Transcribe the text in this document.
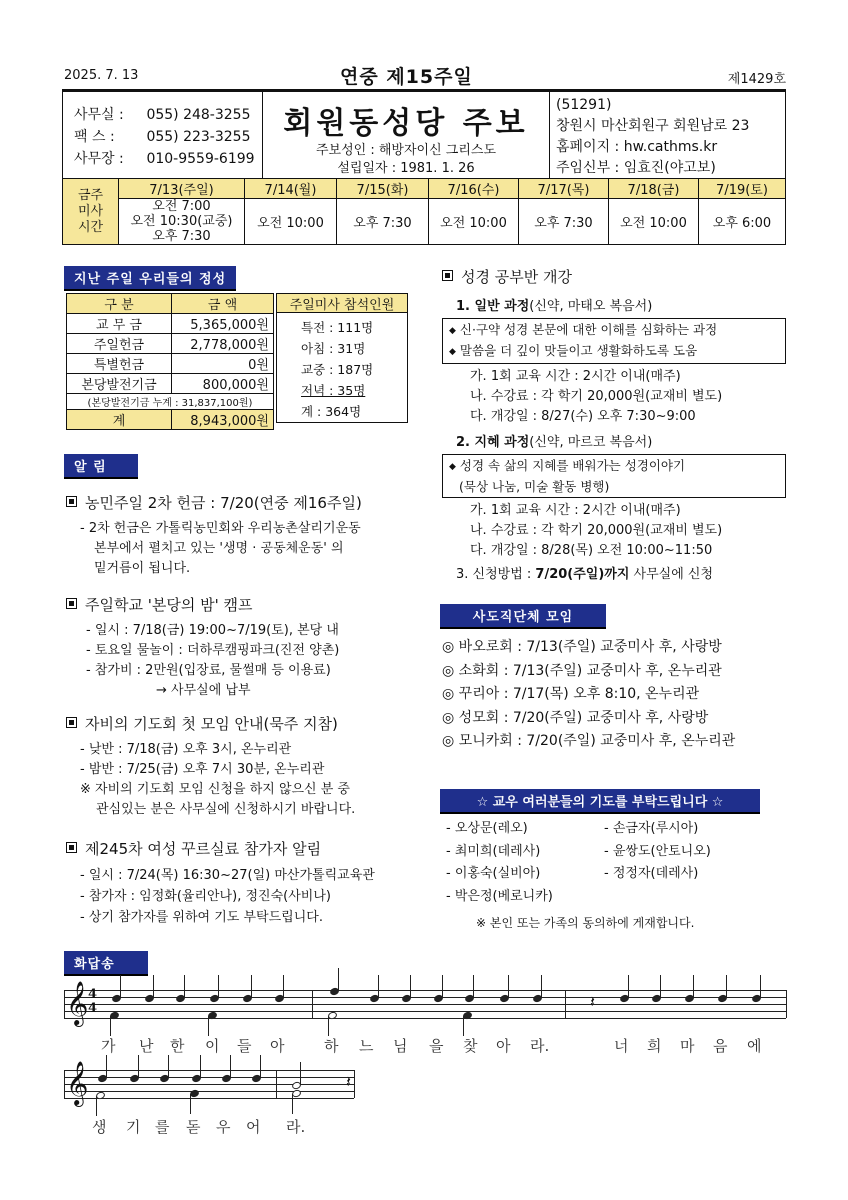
2025. 7. 13	연중 제15주일	제1429호
사무실 : 055) 248-3255
팩 스 : 055) 223-3255
사무장 : 010-9559-6199
회원동성당 주보
주보성인 : 해방자이신 그리스도
설립일자 : 1981. 1. 26
(51291)
창원시 마산회원구 회원남로 23
홈페이지 : hw.cathms.kr
주임신부 : 임효진(야고보)
금주
미사
시간	7/13(주일)	7/14(월)	7/15(화)	7/16(수)	7/17(목)	7/18(금)	7/19(토)

	오전 7:00
오전 10:30(교중)
오후 7:30	오전 10:00	오후 7:30	오전 10:00	오후 7:30	오전 10:00	오후 6:00
지난 주일 우리들의 정성
구 분	금 액
교 무 금	5,365,000원
주일헌금	2,778,000원
특별헌금	0원
본당발전기금	800,000원
(본당발전기금 누계 : 31,837,100원)	
계	8,943,000원
주일미사 참석인원
특전 : 111명
아침 : 31명
교중 : 187명
저녁 : 35명
계 : 364명
알 림
농민주일 2차 헌금 : 7/20(연중 제16주일)
- 2차 헌금은 가톨릭농민회와 우리농촌살리기운동
본부에서 펼치고 있는 '생명 · 공동체운동' 의
밑거름이 됩니다.
주일학교 '본당의 밤' 캠프
- 일시 : 7/18(금) 19:00~7/19(토), 본당 내
- 토요일 물놀이 : 더하루캠핑파크(진전 양촌)
- 참가비 : 2만원(입장료, 물썰매 등 이용료)
→ 사무실에 납부
자비의 기도회 첫 모임 안내(묵주 지참)
- 낮반 : 7/18(금) 오후 3시, 온누리관
- 밤반 : 7/25(금) 오후 7시 30분, 온누리관
※ 자비의 기도회 모임 신청을 하지 않으신 분 중
관심있는 분은 사무실에 신청하시기 바랍니다.
제245차 여성 꾸르실료 참가자 알림
- 일시 : 7/24(목) 16:30~27(일) 마산가톨릭교육관
- 참가자 : 임정화(율리안나), 정진숙(사비나)
- 상기 참가자를 위하여 기도 부탁드립니다.
성경 공부반 개강
1. 일반 과정(신약, 마태오 복음서)
◆ 신·구약 성경 본문에 대한 이해를 심화하는 과정
◆ 말씀을 더 깊이 맛들이고 생활화하도록 도움
가. 1회 교육 시간 : 2시간 이내(매주)
나. 수강료 : 각 학기 20,000원(교재비 별도)
다. 개강일 : 8/27(수) 오후 7:30~9:00
2. 지혜 과정(신약, 마르코 복음서)
◆ 성경 속 삶의 지혜를 배워가는 성경이야기
(묵상 나눔, 미술 활동 병행)
가. 1회 교육 시간 : 2시간 이내(매주)
나. 수강료 : 각 학기 20,000원(교재비 별도)
다. 개강일 : 8/28(목) 오전 10:00~11:50
3. 신청방법 : 7/20(주일)까지 사무실에 신청
사도직단체 모임
◎ 바오로회 : 7/13(주일) 교중미사 후, 사랑방
◎ 소화회 : 7/13(주일) 교중미사 후, 온누리관
◎ 꾸리아 : 7/17(목) 오후 8:10, 온누리관
◎ 성모회 : 7/20(주일) 교중미사 후, 사랑방
◎ 모니카회 : 7/20(주일) 교중미사 후, 온누리관
☆ 교우 여러분들의 기도를 부탁드립니다 ☆
- 오상문(레오)
- 최미희(데레사)
- 이홍숙(실비아)
- 박은정(베로니카)
- 손금자(루시아)
- 윤쌍도(안토니오)
- 정정자(데레사)
※ 본인 또는 가족의 동의하에 게재합니다.
화답송
𝄞
𝄞
4
4	𝄽
𝄽
가 난 한 이 들 아	하 느 님 을 찾 아 라.	너 희 마 음 에
생 기 를 돋 우 어 라.
